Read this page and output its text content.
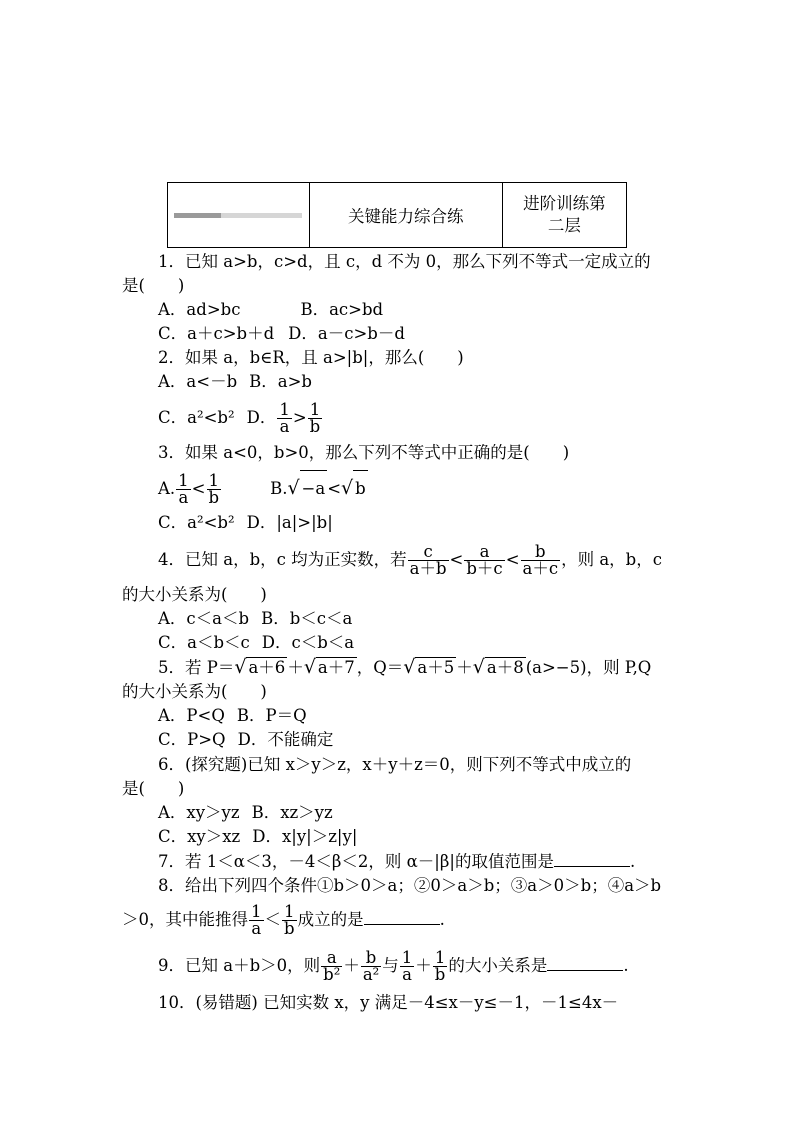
	关键能力综合练	进阶训练第
二层
1．已知 a>b，c>d，且 c，d 不为 0，那么下列不等式一定成立的
是(　　)
A．ad>bc	B．ac>bd
C．a＋c>b＋d D．a－c>b－d
2．如果 a，b∈R，且 a>|b|，那么(　　)
A．a<－b B．a>b
C．a²<b² D． $\frac{1}{a} > \frac{1}{b}$
3．如果 a<0，b>0，那么下列不等式中正确的是(　　)
A. $\frac{1}{a} < \frac{1}{b}$	B.√ −a <√ b
C．a²<b² D．|a|>|b|
4．已知 a，b，c 均为正实数，若 $\frac{c}{a+b} < \frac{a}{b+c} < \frac{b}{a+c}$ ，则 a，b，c
的大小关系为(　　)
A．c＜a＜b B．b＜c＜a
C．a＜b＜c D．c＜b＜a
5．若 P＝√ a＋6 ＋√ a＋7 ，Q＝√ a＋5 ＋√ a＋8 (a>−5)，则 P,Q
的大小关系为(　　)
A．P<Q B．P＝Q
C．P>Q D．不能确定
6．(探究题)已知 x＞y＞z，x＋y＋z＝0，则下列不等式中成立的
是(　　)
A．xy＞yz B．xz＞yz
C．xy＞xz D．x|y|＞z|y|
7．若 1＜α＜3，－4＜β＜2，则 α－|β|的取值范围是	.
8．给出下列四个条件①b＞0＞a；②0＞a＞b；③a＞0＞b；④a＞b
＞0，其中能推得 $\frac{1}{a} < \frac{1}{b}$ 成立的是	.
9．已知 a＋b＞0，则 $\frac{a}{\text{b²}} + \frac{b}{\text{a²}}$ 与 $\frac{1}{a} + \frac{1}{b}$ 的大小关系是	.
10．(易错题) 已知实数 x，y 满足－4≤x－y≤－1，－1≤4x－
